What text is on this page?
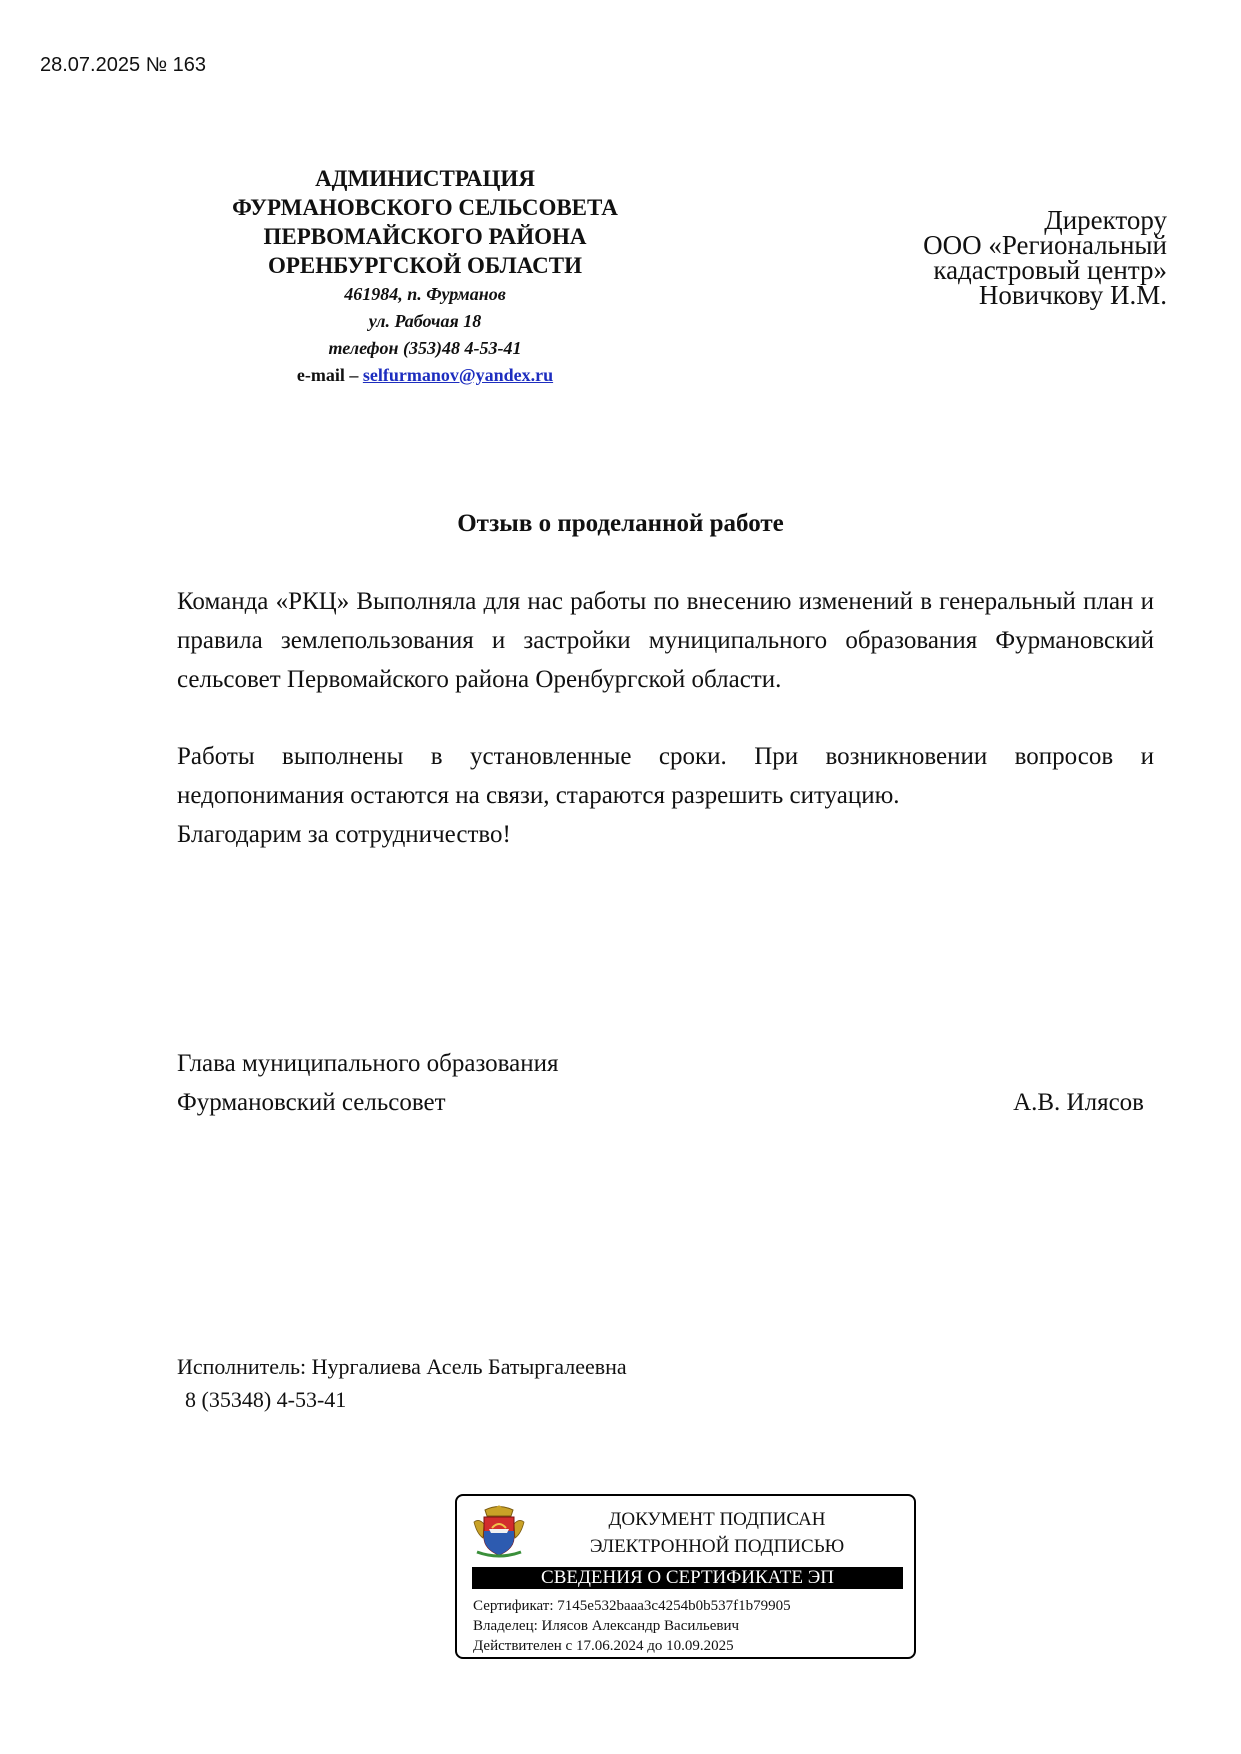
28.07.2025 № 163
АДМИНИСТРАЦИЯ
ФУРМАНОВСКОГО СЕЛЬСОВЕТА
ПЕРВОМАЙСКОГО РАЙОНА
ОРЕНБУРГСКОЙ ОБЛАСТИ
461984, п. Фурманов
ул. Рабочая 18
телефон (353)48 4-53-41
e-mail – selfurmanov@yandex.ru
Директору
ООО «Региональный
кадастровый центр»
Новичкову И.М.
Отзыв о проделанной работе

Команда «РКЦ» Выполняла для нас работы по внесению изменений в генеральный план и правила землепользования и застройки муниципального образования Фурмановский сельсовет Первомайского района Оренбургской области.

Работы выполнены в установленные сроки. При возникновении вопросов и недопонимания остаются на связи, стараются разрешить ситуацию.

Благодарим за сотрудничество!

Глава муниципального образования
Фурмановский сельсовет	А.В. Илясов
Исполнитель: Нургалиева Асель Батыргалеевна
8 (35348) 4-53-41
ДОКУМЕНТ ПОДПИСАН
ЭЛЕКТРОННОЙ ПОДПИСЬЮ
СВЕДЕНИЯ О СЕРТИФИКАТЕ ЭП
Сертификат: 7145e532baaa3c4254b0b537f1b79905
Владелец: Илясов Александр Васильевич
Действителен с 17.06.2024 до 10.09.2025
